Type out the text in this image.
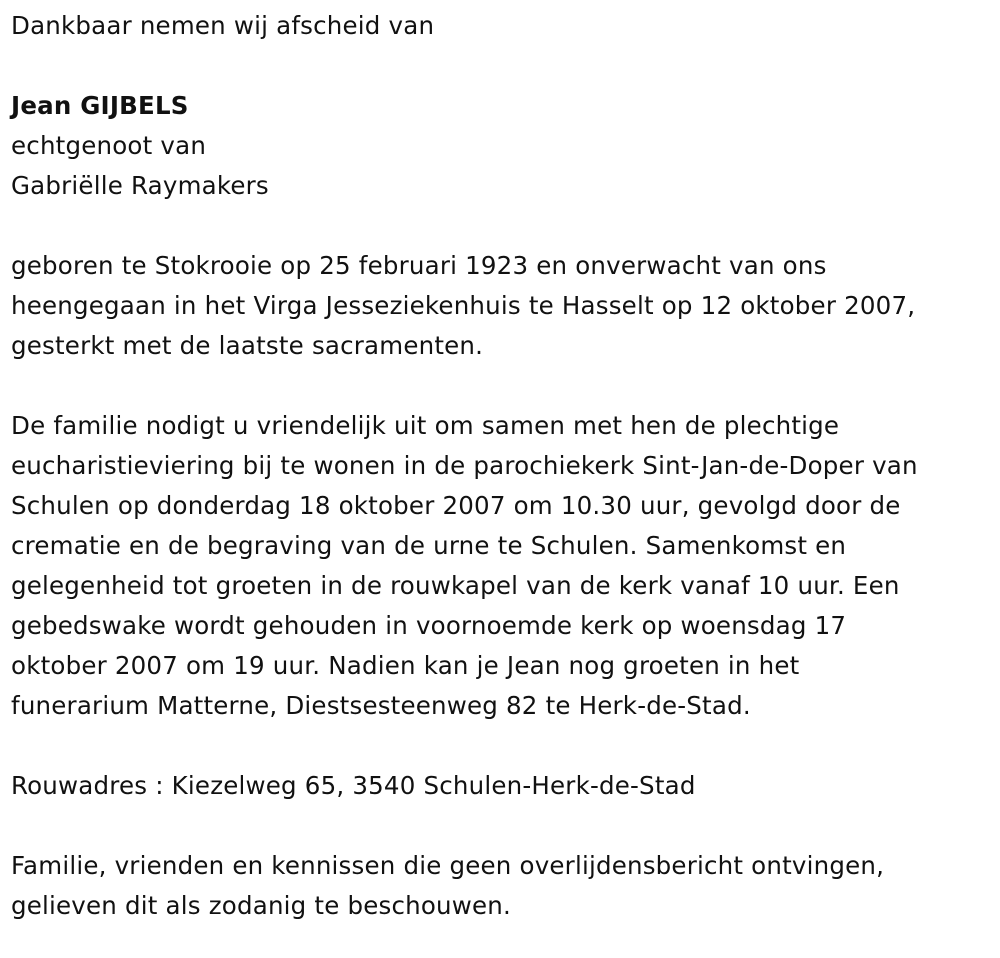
Dankbaar nemen wij afscheid van
Jean GIJBELS
echtgenoot van
Gabriëlle Raymakers
geboren te Stokrooie op 25 februari 1923 en onverwacht van ons
heengegaan in het Virga Jesseziekenhuis te Hasselt op 12 oktober 2007,
gesterkt met de laatste sacramenten.
De familie nodigt u vriendelijk uit om samen met hen de plechtige
eucharistieviering bij te wonen in de parochiekerk Sint-Jan-de-Doper van
Schulen op donderdag 18 oktober 2007 om 10.30 uur, gevolgd door de
crematie en de begraving van de urne te Schulen. Samenkomst en
gelegenheid tot groeten in de rouwkapel van de kerk vanaf 10 uur. Een
gebedswake wordt gehouden in voornoemde kerk op woensdag 17
oktober 2007 om 19 uur. Nadien kan je Jean nog groeten in het
funerarium Matterne, Diestsesteenweg 82 te Herk-de-Stad.
Rouwadres : Kiezelweg 65, 3540 Schulen-Herk-de-Stad
Familie, vrienden en kennissen die geen overlijdensbericht ontvingen,
gelieven dit als zodanig te beschouwen.
